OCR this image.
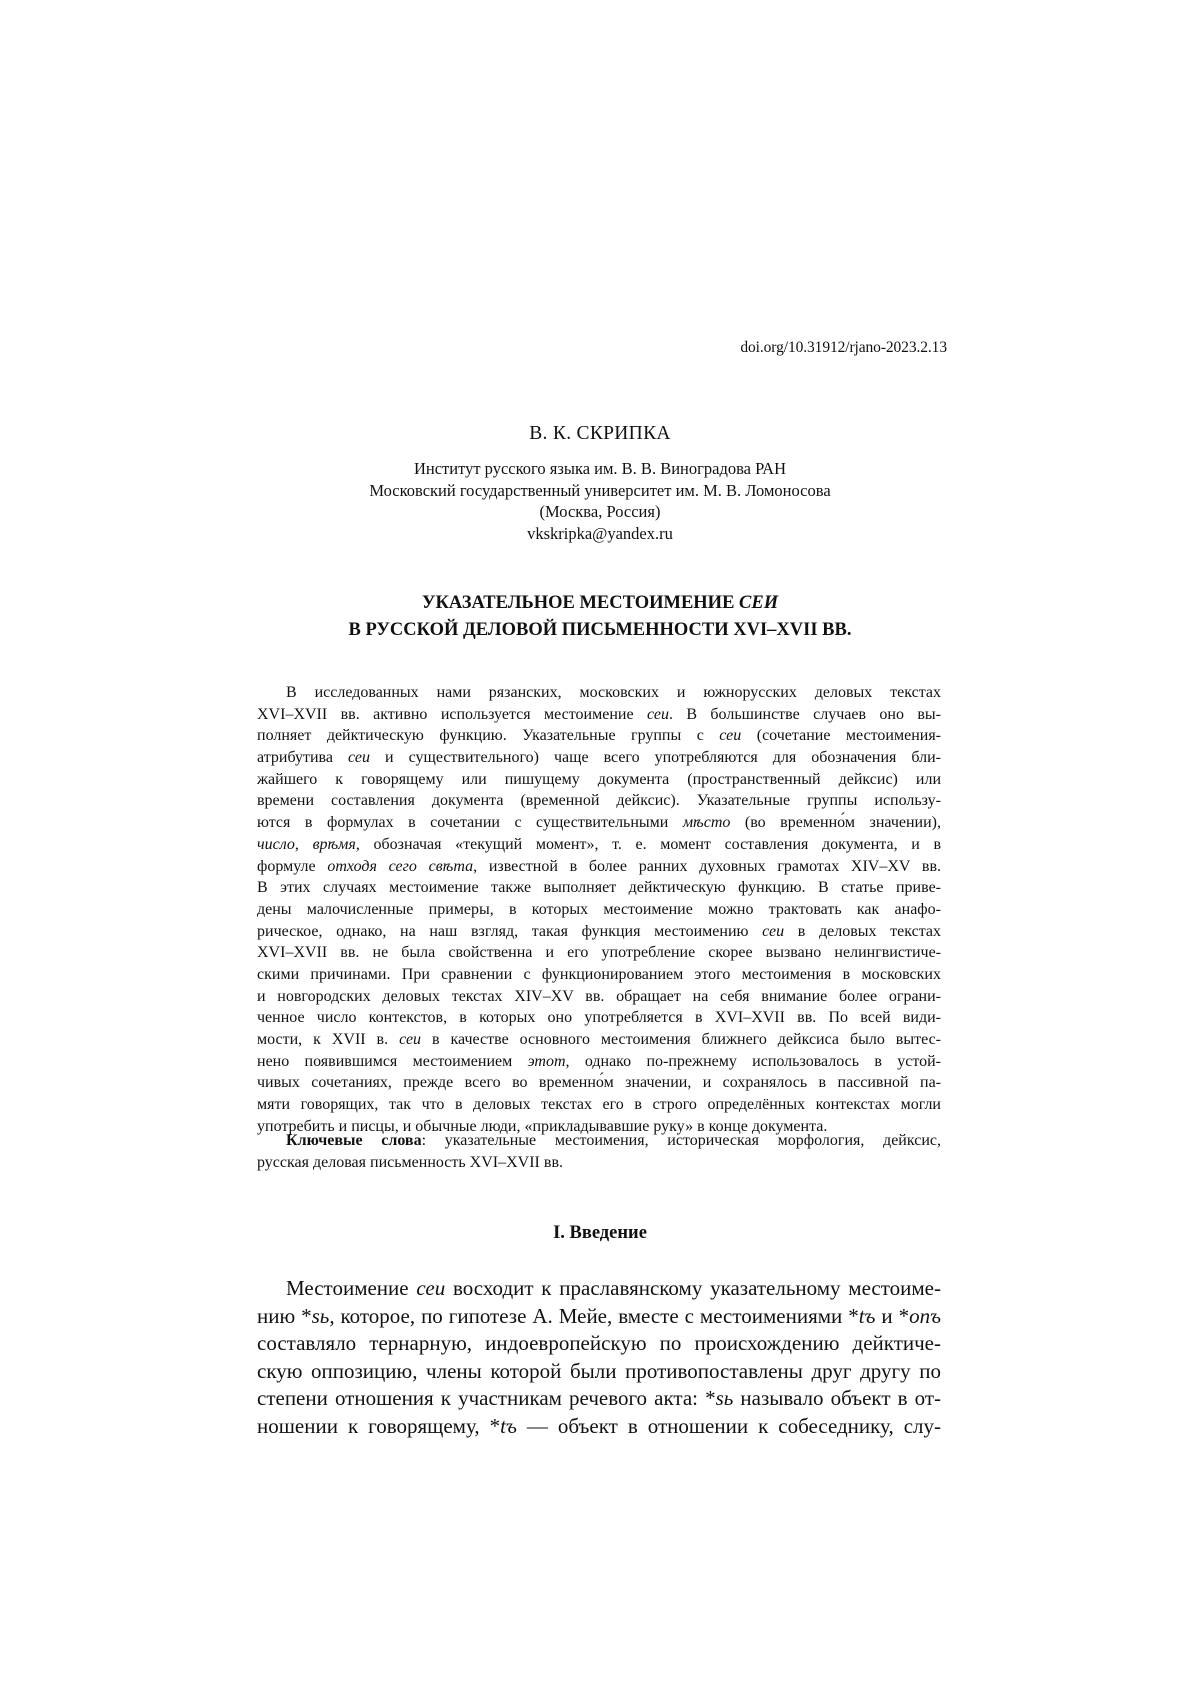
doi.org/10.31912/rjano-2023.2.13
В. К. СКРИПКА
Институт русского языка им. В. В. Виноградова РАН
Московский государственный университет им. М. В. Ломоносова
(Москва, Россия)
vkskripka@yandex.ru
УКАЗАТЕЛЬНОЕ МЕСТОИМЕНИЕ СЕИ
В РУССКОЙ ДЕЛОВОЙ ПИСЬМЕННОСТИ XVI–XVII ВВ.
В исследованных нами рязанских, московских и южнорусских деловых текстах
XVI–XVII вв. активно используется местоимение сеи. В большинстве случаев оно вы-
полняет дейктическую функцию. Указательные группы с сеи (сочетание местоимения-
атрибутива сеи и существительного) чаще всего употребляются для обозначения бли-
жайшего к говорящему или пишущему документа (пространственный дейксис) или
времени составления документа (временной дейксис). Указательные группы использу-
ются в формулах в сочетании с существительными мѣсто (во временно́м значении),
число, врѣмя, обозначая «текущий момент», т. е. момент составления документа, и в
формуле отходя сего свѣта, известной в более ранних духовных грамотах XIV–XV вв.
В этих случаях местоимение также выполняет дейктическую функцию. В статье приве-
дены малочисленные примеры, в которых местоимение можно трактовать как анафо-
рическое, однако, на наш взгляд, такая функция местоимению сеи в деловых текстах
XVI–XVII вв. не была свойственна и его употребление скорее вызвано нелингвистиче-
скими причинами. При сравнении с функционированием этого местоимения в московских
и новгородских деловых текстах XIV–XV вв. обращает на себя внимание более ограни-
ченное число контекстов, в которых оно употребляется в XVI–XVII вв. По всей види-
мости, к XVII в. сеи в качестве основного местоимения ближнего дейксиса было вытес-
нено появившимся местоимением этот, однако по-прежнему использовалось в устой-
чивых сочетаниях, прежде всего во временно́м значении, и сохранялось в пассивной па-
мяти говорящих, так что в деловых текстах его в строго определённых контекстах могли
употребить и писцы, и обычные люди, «прикладывавшие руку» в конце документа.
Ключевые слова: указательные местоимения, историческая морфология, дейксис,
русская деловая письменность XVI–XVII вв.
I. Введение
Местоимение сеи восходит к праславянскому указательному местоиме-
нию *sь, которое, по гипотезе А. Мейе, вместе с местоимениями *tъ и *onъ
составляло тернарную, индоевропейскую по происхождению дейктиче-
скую оппозицию, члены которой были противопоставлены друг другу по
степени отношения к участникам речевого акта: *sь называло объект в от-
ношении к говорящему, *tъ — объект в отношении к собеседнику, слу-
